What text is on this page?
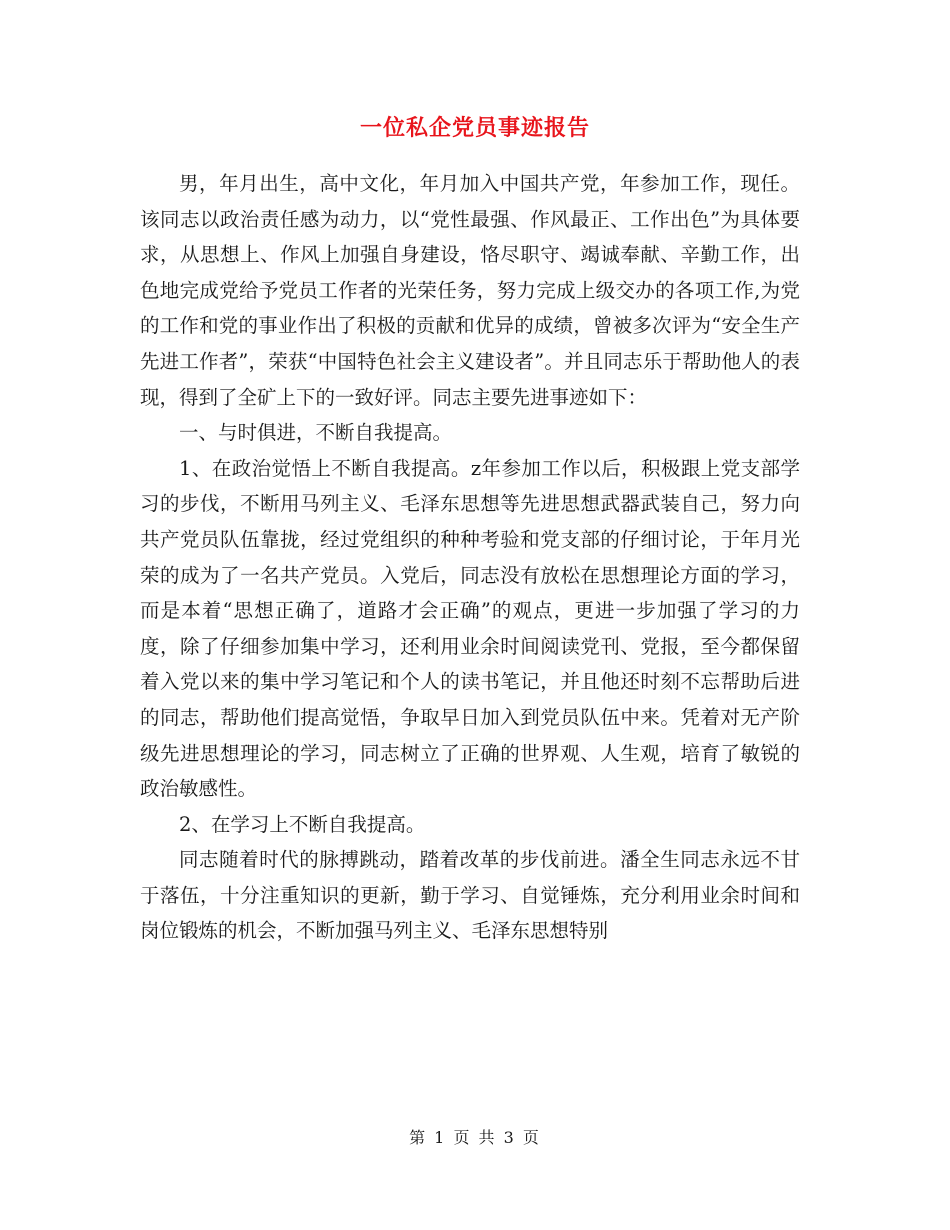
一位私企党员事迹报告

男，年月出生，高中文化，年月加入中国共产党，年参加工作，现任。该同志以政治责任感为动力，以“党性最强、作风最正、工作出色”为具体要求，从思想上、作风上加强自身建设，恪尽职守、竭诚奉献、辛勤工作，出色地完成党给予党员工作者的光荣任务，努力完成上级交办的各项工作,为党的工作和党的事业作出了积极的贡献和优异的成绩，曾被多次评为“安全生产先进工作者”，荣获“中国特色社会主义建设者”。并且同志乐于帮助他人的表现，得到了全矿上下的一致好评。同志主要先进事迹如下：

一、与时俱进，不断自我提高。

1、在政治觉悟上不断自我提高。z年参加工作以后，积极跟上党支部学习的步伐，不断用马列主义、毛泽东思想等先进思想武器武装自己，努力向共产党员队伍靠拢，经过党组织的种种考验和党支部的仔细讨论，于年月光荣的成为了一名共产党员。入党后，同志没有放松在思想理论方面的学习，而是本着“思想正确了，道路才会正确”的观点，更进一步加强了学习的力度，除了仔细参加集中学习，还利用业余时间阅读党刊、党报，至今都保留着入党以来的集中学习笔记和个人的读书笔记，并且他还时刻不忘帮助后进的同志，帮助他们提高觉悟，争取早日加入到党员队伍中来。凭着对无产阶级先进思想理论的学习，同志树立了正确的世界观、人生观，培育了敏锐的政治敏感性。

2、在学习上不断自我提高。

同志随着时代的脉搏跳动，踏着改革的步伐前进。潘全生同志永远不甘于落伍，十分注重知识的更新，勤于学习、自觉锤炼，充分利用业余时间和岗位锻炼的机会，不断加强马列主义、毛泽东思想特别

第 1 页 共 3 页
